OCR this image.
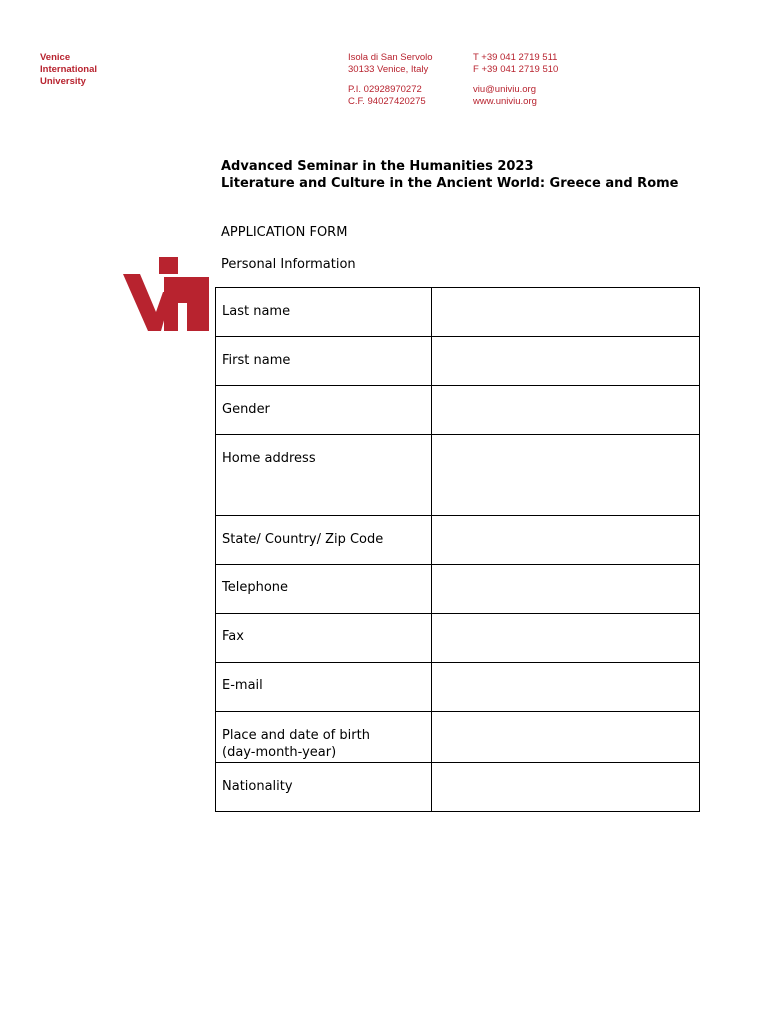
Venice
International
University
Isola di San Servolo
30133 Venice, Italy
P.I. 02928970272
C.F. 94027420275
T +39 041 2719 511
F +39 041 2719 510
viu@univiu.org
www.univiu.org
Advanced Seminar in the Humanities 2023
Literature and Culture in the Ancient World: Greece and Rome
APPLICATION FORM
Personal Information
Last name	
First name	
Gender	
Home address	
State/ Country/ Zip Code	
Telephone	
Fax	
E-mail	

Place and date of birth
(day-month-year)	

Nationality	
